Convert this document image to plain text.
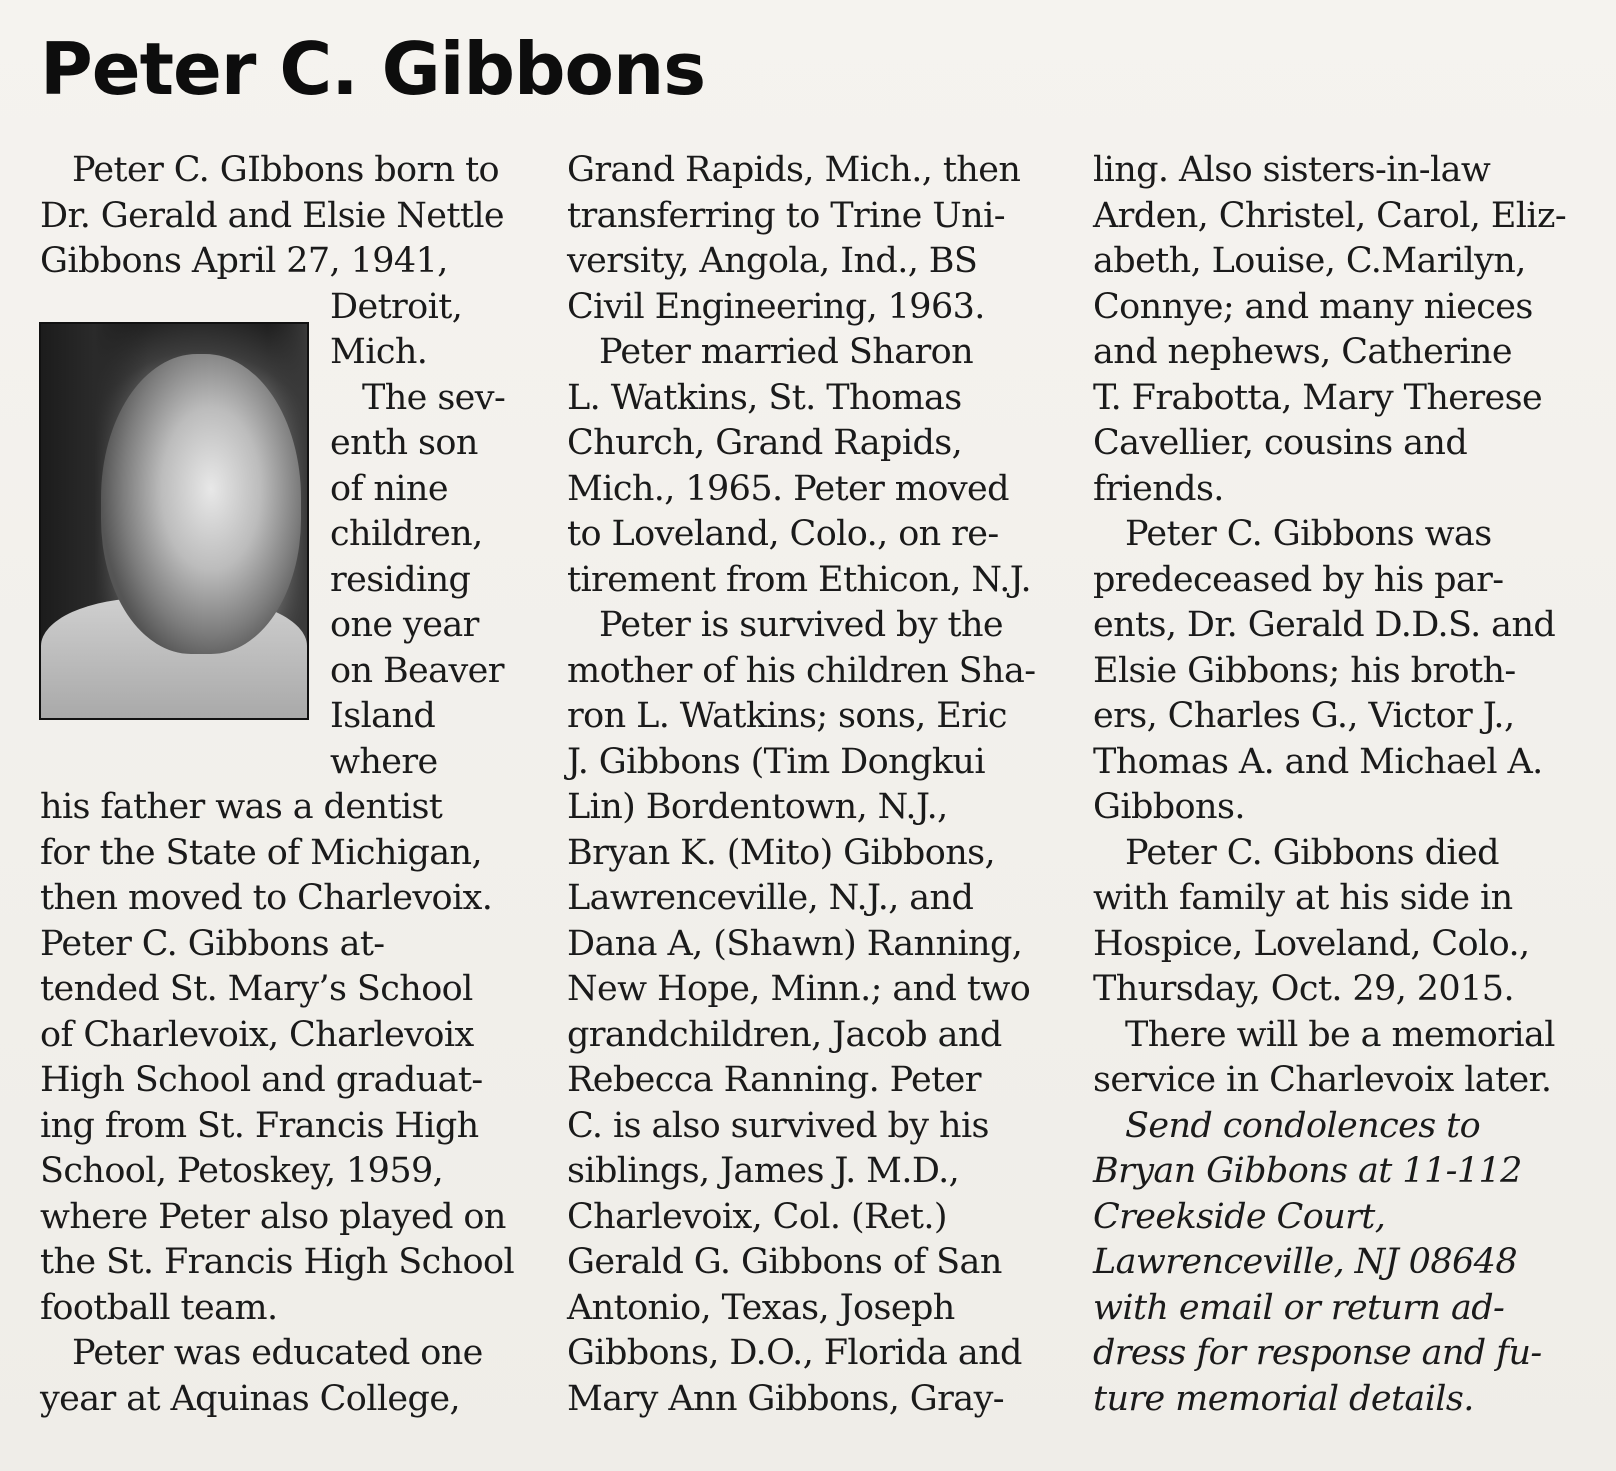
Peter C. Gibbons
Peter C. GIbbons born to
Dr. Gerald and Elsie Nettle
Gibbons April 27, 1941,
Detroit,
Mich.
The sev-
enth son
of nine
children,
residing
one year
on Beaver
Island
where
his father was a dentist
for the State of Michigan,
then moved to Charlevoix.
Peter C. Gibbons at-
tended St. Mary’s School
of Charlevoix, Charlevoix
High School and graduat-
ing from St. Francis High
School, Petoskey, 1959,
where Peter also played on
the St. Francis High School
football team.
Peter was educated one
year at Aquinas College,
Grand Rapids, Mich., then
transferring to Trine Uni-
versity, Angola, Ind., BS
Civil Engineering, 1963.
Peter married Sharon
L. Watkins, St. Thomas
Church, Grand Rapids,
Mich., 1965. Peter moved
to Loveland, Colo., on re-
tirement from Ethicon, N.J.
Peter is survived by the
mother of his children Sha-
ron L. Watkins; sons, Eric
J. Gibbons (Tim Dongkui
Lin) Bordentown, N.J.,
Bryan K. (Mito) Gibbons,
Lawrenceville, N.J., and
Dana A, (Shawn) Ranning,
New Hope, Minn.; and two
grandchildren, Jacob and
Rebecca Ranning. Peter
C. is also survived by his
siblings, James J. M.D.,
Charlevoix, Col. (Ret.)
Gerald G. Gibbons of San
Antonio, Texas, Joseph
Gibbons, D.O., Florida and
Mary Ann Gibbons, Gray-
ling. Also sisters-in-law
Arden, Christel, Carol, Eliz-
abeth, Louise, C.Marilyn,
Connye; and many nieces
and nephews, Catherine
T. Frabotta, Mary Therese
Cavellier, cousins and
friends.
Peter C. Gibbons was
predeceased by his par-
ents, Dr. Gerald D.D.S. and
Elsie Gibbons; his broth-
ers, Charles G., Victor J.,
Thomas A. and Michael A.
Gibbons.
Peter C. Gibbons died
with family at his side in
Hospice, Loveland, Colo.,
Thursday, Oct. 29, 2015.
There will be a memorial
service in Charlevoix later.
Send condolences to
Bryan Gibbons at 11-112
Creekside Court,
Lawrenceville, NJ 08648
with email or return ad-
dress for response and fu-
ture memorial details.
